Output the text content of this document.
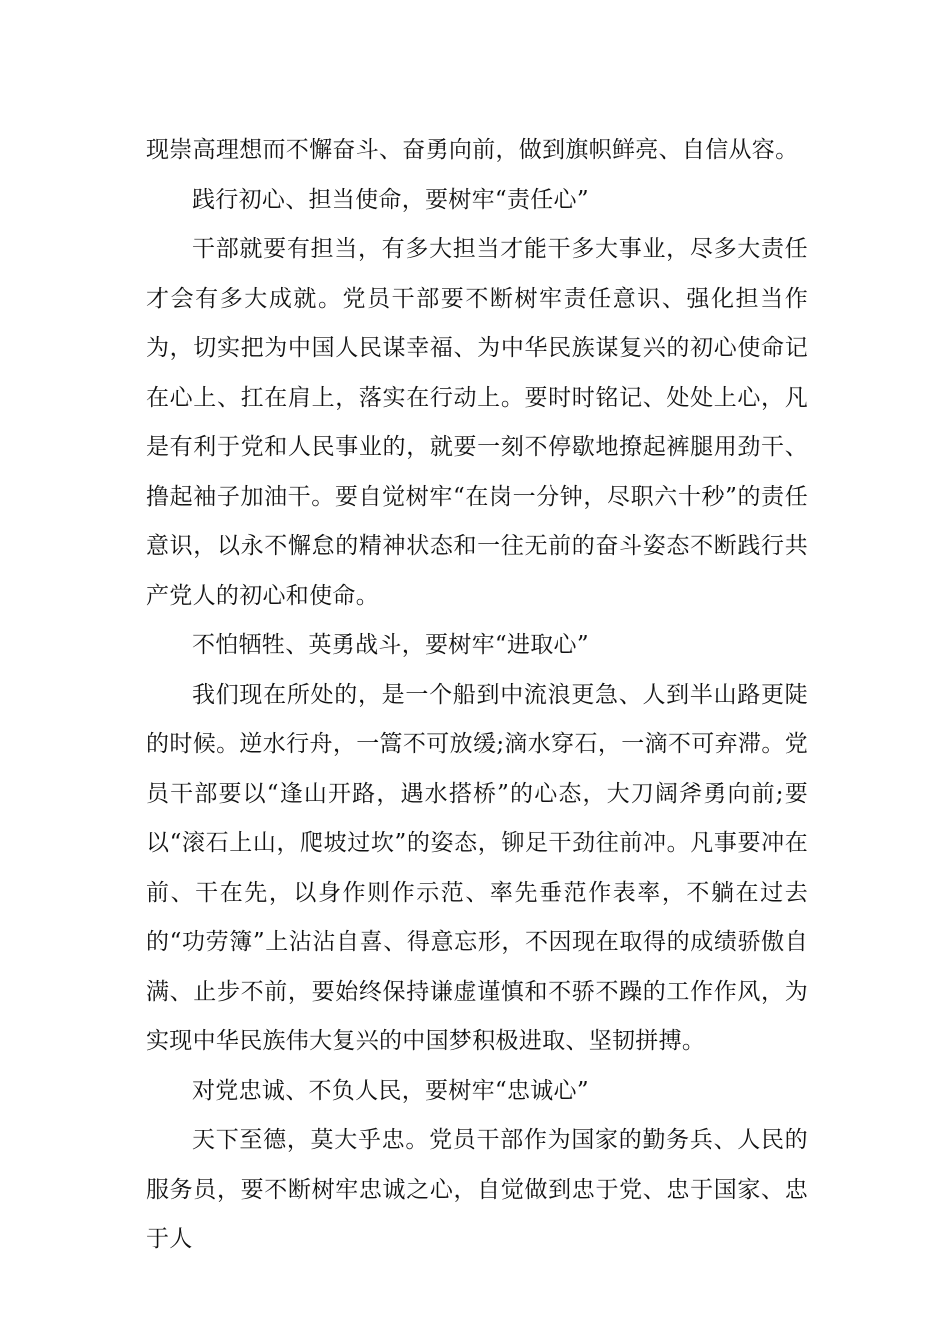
现崇高理想而不懈奋斗、奋勇向前，做到旗帜鲜亮、自信从容。

践行初心、担当使命，要树牢“责任心”

干部就要有担当，有多大担当才能干多大事业，尽多大责任才会有多大成就。党员干部要不断树牢责任意识、强化担当作为，切实把为中国人民谋幸福、为中华民族谋复兴的初心使命记在心上、扛在肩上，落实在行动上。要时时铭记、处处上心，凡是有利于党和人民事业的，就要一刻不停歇地撩起裤腿用劲干、撸起袖子加油干。要自觉树牢“在岗一分钟，尽职六十秒”的责任意识，以永不懈怠的精神状态和一往无前的奋斗姿态不断践行共产党人的初心和使命。

不怕牺牲、英勇战斗，要树牢“进取心”

我们现在所处的，是一个船到中流浪更急、人到半山路更陡的时候。逆水行舟，一篙不可放缓;滴水穿石，一滴不可弃滞。党员干部要以“逢山开路，遇水搭桥”的心态，大刀阔斧勇向前;要以“滚石上山，爬坡过坎”的姿态，铆足干劲往前冲。凡事要冲在前、干在先，以身作则作示范、率先垂范作表率，不躺在过去的“功劳簿”上沾沾自喜、得意忘形，不因现在取得的成绩骄傲自满、止步不前，要始终保持谦虚谨慎和不骄不躁的工作作风，为实现中华民族伟大复兴的中国梦积极进取、坚韧拼搏。

对党忠诚、不负人民，要树牢“忠诚心”

天下至德，莫大乎忠。党员干部作为国家的勤务兵、人民的服务员，要不断树牢忠诚之心，自觉做到忠于党、忠于国家、忠于人
